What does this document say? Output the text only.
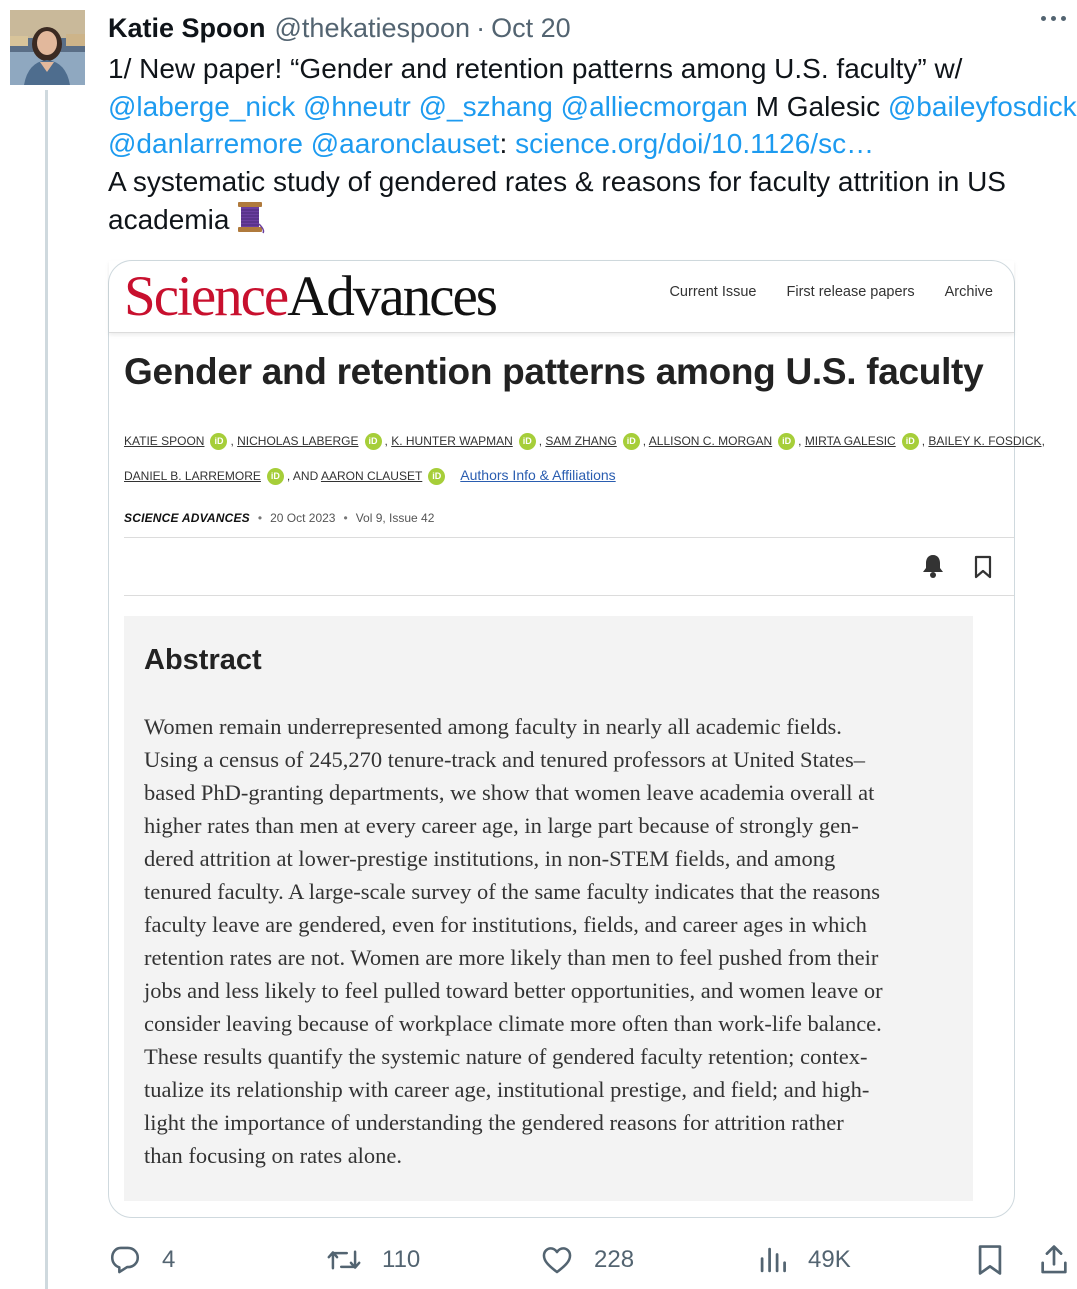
Katie Spoon @thekatiespoon · Oct 20
1/ New paper! “Gender and retention patterns among U.S. faculty” w/
@laberge_nick @hneutr @_szhang @alliecmorgan M Galesic @baileyfosdick
@danlarremore @aaronclauset: science.org/doi/10.1126/sc…
A systematic study of gendered rates & reasons for faculty attrition in US
academia
ScienceAdvances	Current Issue First release papers Archive
Gender and retention patterns among U.S. faculty
KATIE SPOON iD , NICHOLAS LABERGE iD , K. HUNTER WAPMAN iD , SAM ZHANG iD , ALLISON C. MORGAN iD , MIRTA GALESIC iD , BAILEY K. FOSDICK,
DANIEL B. LARREMORE iD , AND AARON CLAUSET iD Authors Info & Affiliations
SCIENCE ADVANCES • 20 Oct 2023 • Vol 9, Issue 42
Abstract
Women remain underrepresented among faculty in nearly all academic fields.
Using a census of 245,270 tenure-track and tenured professors at United States–
based PhD-granting departments, we show that women leave academia overall at
higher rates than men at every career age, in large part because of strongly gen-
dered attrition at lower-prestige institutions, in non-STEM fields, and among
tenured faculty. A large-scale survey of the same faculty indicates that the reasons
faculty leave are gendered, even for institutions, fields, and career ages in which
retention rates are not. Women are more likely than men to feel pushed from their
jobs and less likely to feel pulled toward better opportunities, and women leave or
consider leaving because of workplace climate more often than work-life balance.
These results quantify the systemic nature of gendered faculty retention; contex-
tualize its relationship with career age, institutional prestige, and field; and high-
light the importance of understanding the gendered reasons for attrition rather
than focusing on rates alone.
4	110	228	49K
